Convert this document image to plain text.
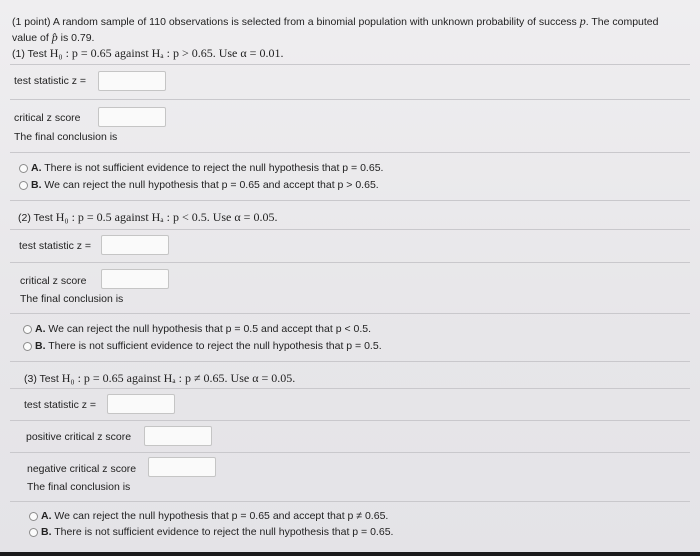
(1 point) A random sample of 110 observations is selected from a binomial population with unknown probability of success p. The computed
value of p̂ is 0.79.
(1) Test H₀ : p = 0.65 against Hₐ : p > 0.65. Use α = 0.01.
test statistic z =
critical z score
The final conclusion is
A. There is not sufficient evidence to reject the null hypothesis that p = 0.65.
B. We can reject the null hypothesis that p = 0.65 and accept that p > 0.65.
(2) Test H₀ : p = 0.5 against Hₐ : p < 0.5. Use α = 0.05.
test statistic z =
critical z score
The final conclusion is
A. We can reject the null hypothesis that p = 0.5 and accept that p < 0.5.
B. There is not sufficient evidence to reject the null hypothesis that p = 0.5.
(3) Test H₀ : p = 0.65 against Hₐ : p ≠ 0.65. Use α = 0.05.
test statistic z =
positive critical z score
negative critical z score
The final conclusion is
A. We can reject the null hypothesis that p = 0.65 and accept that p ≠ 0.65.
B. There is not sufficient evidence to reject the null hypothesis that p = 0.65.
